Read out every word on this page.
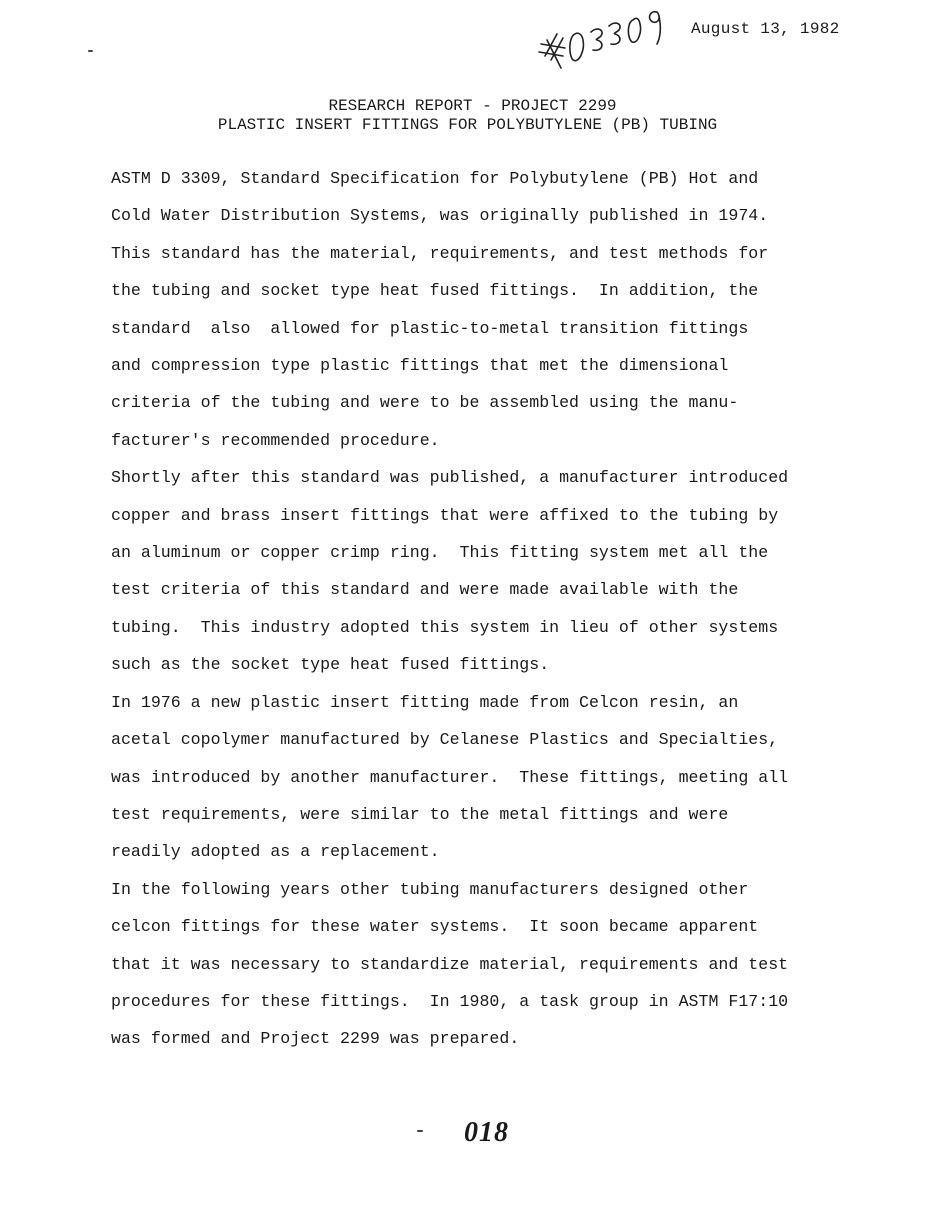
August 13, 1982
RESEARCH REPORT - PROJECT 2299
PLASTIC INSERT FITTINGS FOR POLYBUTYLENE (PB) TUBING
ASTM D 3309, Standard Specification for Polybutylene (PB) Hot and
Cold Water Distribution Systems, was originally published in 1974.
This standard has the material, requirements, and test methods for
the tubing and socket type heat fused fittings.  In addition, the
standard  also  allowed for plastic-to-metal transition fittings
and compression type plastic fittings that met the dimensional
criteria of the tubing and were to be assembled using the manu-
facturer's recommended procedure.
Shortly after this standard was published, a manufacturer introduced
copper and brass insert fittings that were affixed to the tubing by
an aluminum or copper crimp ring.  This fitting system met all the
test criteria of this standard and were made available with the
tubing.  This industry adopted this system in lieu of other systems
such as the socket type heat fused fittings.
In 1976 a new plastic insert fitting made from Celcon resin, an
acetal copolymer manufactured by Celanese Plastics and Specialties,
was introduced by another manufacturer.  These fittings, meeting all
test requirements, were similar to the metal fittings and were
readily adopted as a replacement.
In the following years other tubing manufacturers designed other
celcon fittings for these water systems.  It soon became apparent
that it was necessary to standardize material, requirements and test
procedures for these fittings.  In 1980, a task group in ASTM F17:10
was formed and Project 2299 was prepared.
018
